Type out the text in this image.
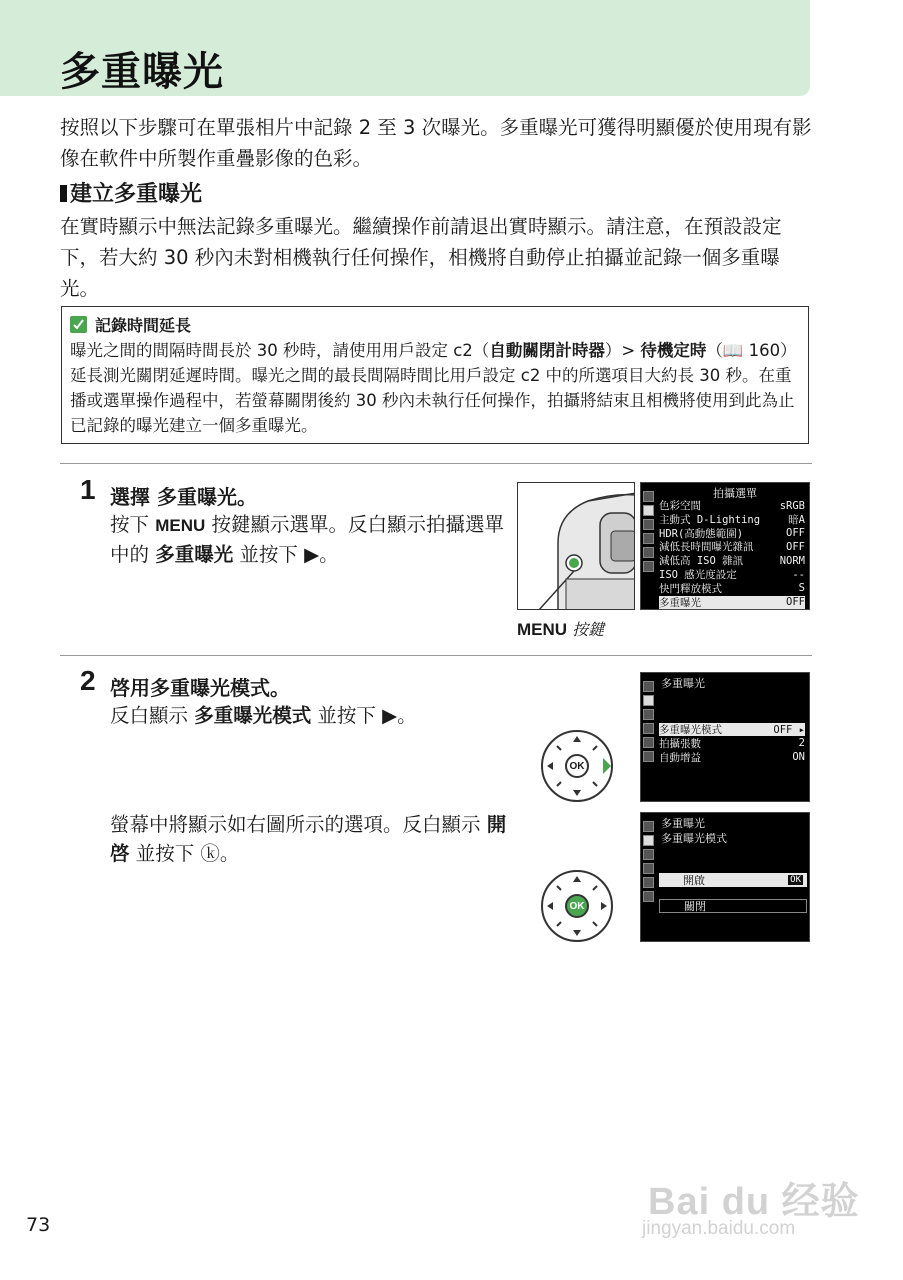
多重曝光

按照以下步驟可在單張相片中記錄 2 至 3 次曝光。多重曝光可獲得明顯優於使用現有影像在軟件中所製作重疊影像的色彩。

建立多重曝光

在實時顯示中無法記錄多重曝光。繼續操作前請退出實時顯示。請注意，在預設設定下，若大約 30 秒內未對相機執行任何操作，相機將自動停止拍攝並記錄一個多重曝光。

記錄時間延長
曝光之間的間隔時間長於 30 秒時，請使用用戶設定 c2（自動關閉計時器）> 待機定時（📖 160）延長測光關閉延遲時間。曝光之間的最長間隔時間比用戶設定 c2 中的所選項目大約長 30 秒。在重播或選單操作過程中，若螢幕關閉後約 30 秒內未執行任何操作，拍攝將結束且相機將使用到此為止已記錄的曝光建立一個多重曝光。
1 選擇 多重曝光。

按下 MENU 按鍵顯示選單。反白顯示拍攝選單中的 多重曝光 並按下 ▶。

MENU 按鍵
拍攝選單
色彩空間	sRGB
主動式 D-Lighting	暗A
HDR(高動態範圍)	OFF
減低長時間曝光雜訊	OFF
減低高 ISO 雜訊	NORM
ISO 感光度設定	--
快門釋放模式	S
多重曝光	OFF
2 啓用多重曝光模式。

反白顯示 多重曝光模式 並按下 ▶。

螢幕中將顯示如右圖所示的選項。反白顯示 開啓 並按下 ⓚ。

OK
OK
多重曝光
多重曝光模式	OFF ▸
拍攝張數	2
自動增益	ON
多重曝光
多重曝光模式
開啟	OK
關閉
73
Bai du 经验
jingyan.baidu.com
